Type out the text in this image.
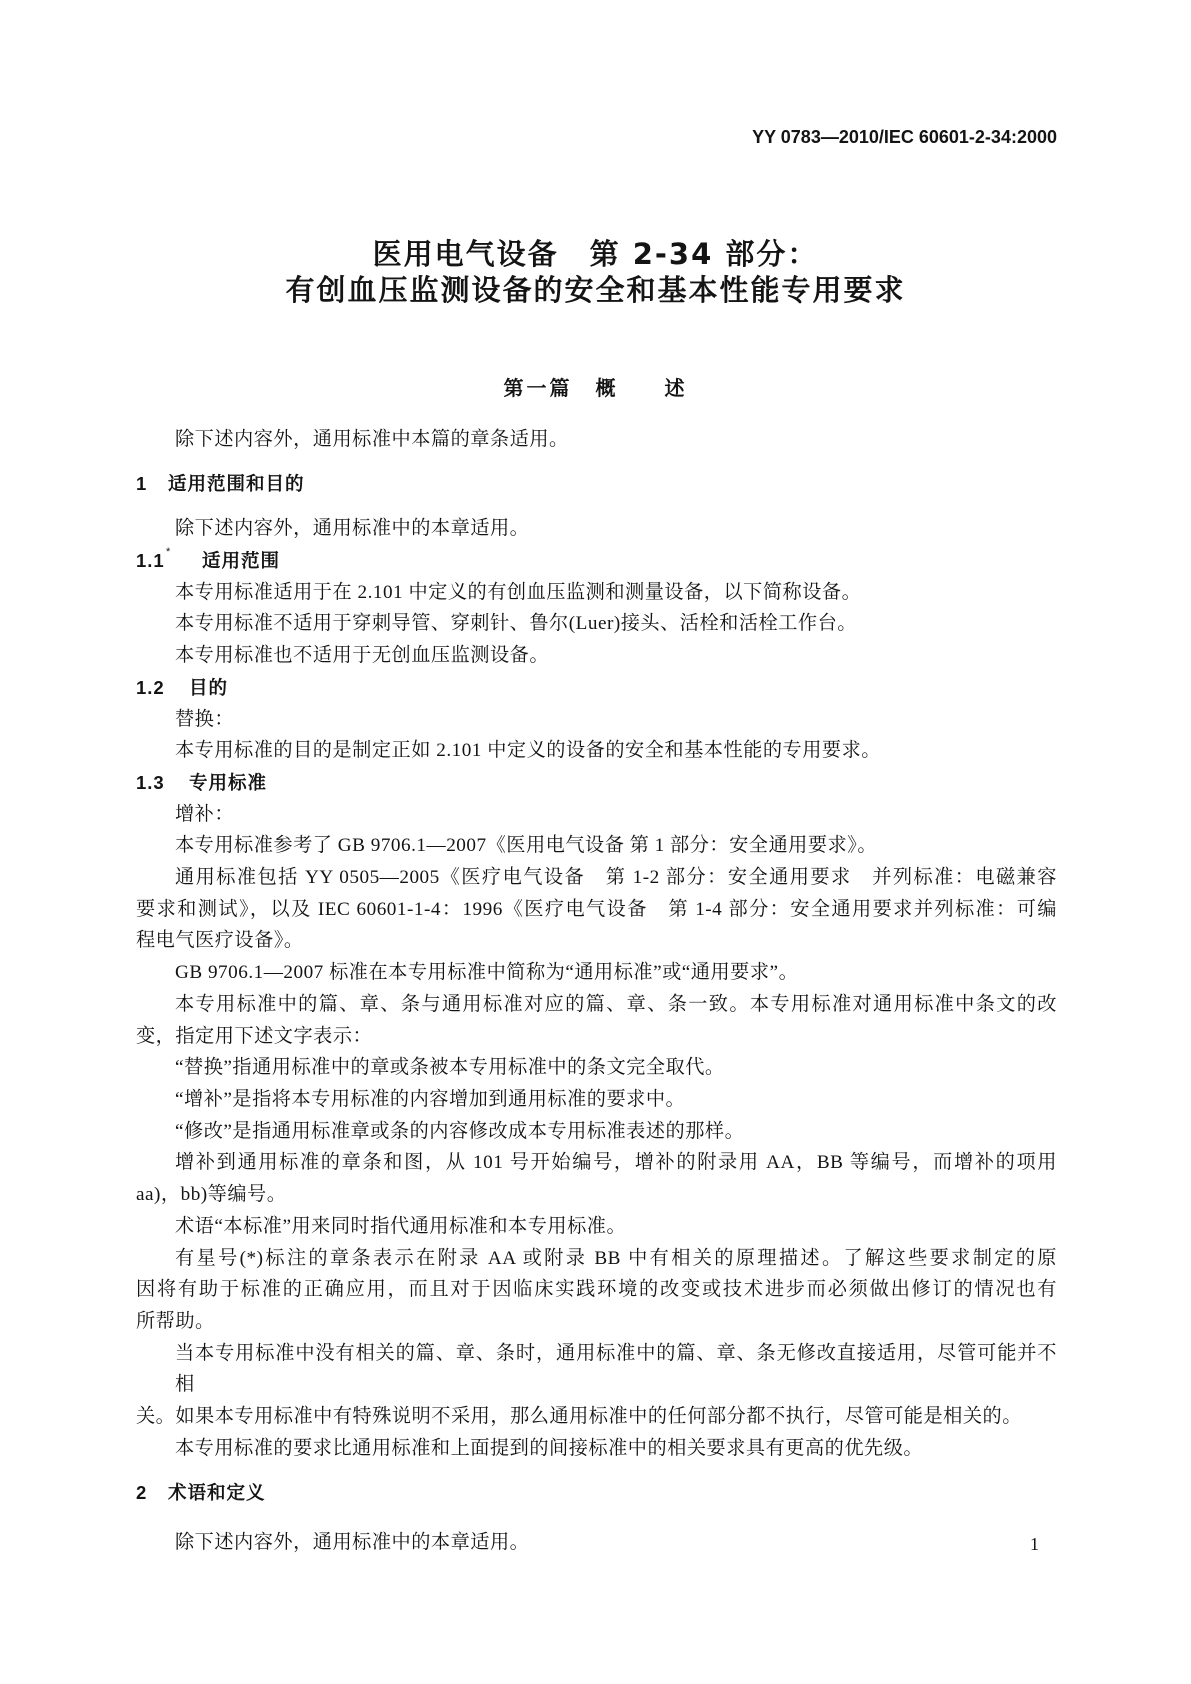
YY 0783—2010/IEC 60601-2-34:2000
医用电气设备　第 2-34 部分：
有创血压监测设备的安全和基本性能专用要求
第一篇　概　　述
除下述内容外，通用标准中本篇的章条适用。
1 适用范围和目的
除下述内容外，通用标准中的本章适用。
1.1 * 适用范围
本专用标准适用于在 2.101 中定义的有创血压监测和测量设备，以下简称设备。
本专用标准不适用于穿刺导管、穿刺针、鲁尔(Luer)接头、活栓和活栓工作台。
本专用标准也不适用于无创血压监测设备。
1.2 目的
替换：
本专用标准的目的是制定正如 2.101 中定义的设备的安全和基本性能的专用要求。
1.3 专用标准
增补：
本专用标准参考了 GB 9706.1—2007《医用电气设备 第 1 部分：安全通用要求》。
通用标准包括 YY 0505—2005《医疗电气设备　第 1-2 部分：安全通用要求　并列标准：电磁兼容
要求和测试》，以及 IEC 60601-1-4：1996《医疗电气设备　第 1-4 部分：安全通用要求并列标准：可编
程电气医疗设备》。
GB 9706.1—2007 标准在本专用标准中简称为“通用标准”或“通用要求”。
本专用标准中的篇、章、条与通用标准对应的篇、章、条一致。本专用标准对通用标准中条文的改
变，指定用下述文字表示：
“替换”指通用标准中的章或条被本专用标准中的条文完全取代。
“增补”是指将本专用标准的内容增加到通用标准的要求中。
“修改”是指通用标准章或条的内容修改成本专用标准表述的那样。
增补到通用标准的章条和图，从 101 号开始编号，增补的附录用 AA，BB 等编号，而增补的项用
aa)，bb)等编号。
术语“本标准”用来同时指代通用标准和本专用标准。
有星号(*)标注的章条表示在附录 AA 或附录 BB 中有相关的原理描述。了解这些要求制定的原
因将有助于标准的正确应用，而且对于因临床实践环境的改变或技术进步而必须做出修订的情况也有
所帮助。
当本专用标准中没有相关的篇、章、条时，通用标准中的篇、章、条无修改直接适用，尽管可能并不相
关。如果本专用标准中有特殊说明不采用，那么通用标准中的任何部分都不执行，尽管可能是相关的。
本专用标准的要求比通用标准和上面提到的间接标准中的相关要求具有更高的优先级。
2 术语和定义
除下述内容外，通用标准中的本章适用。	1
